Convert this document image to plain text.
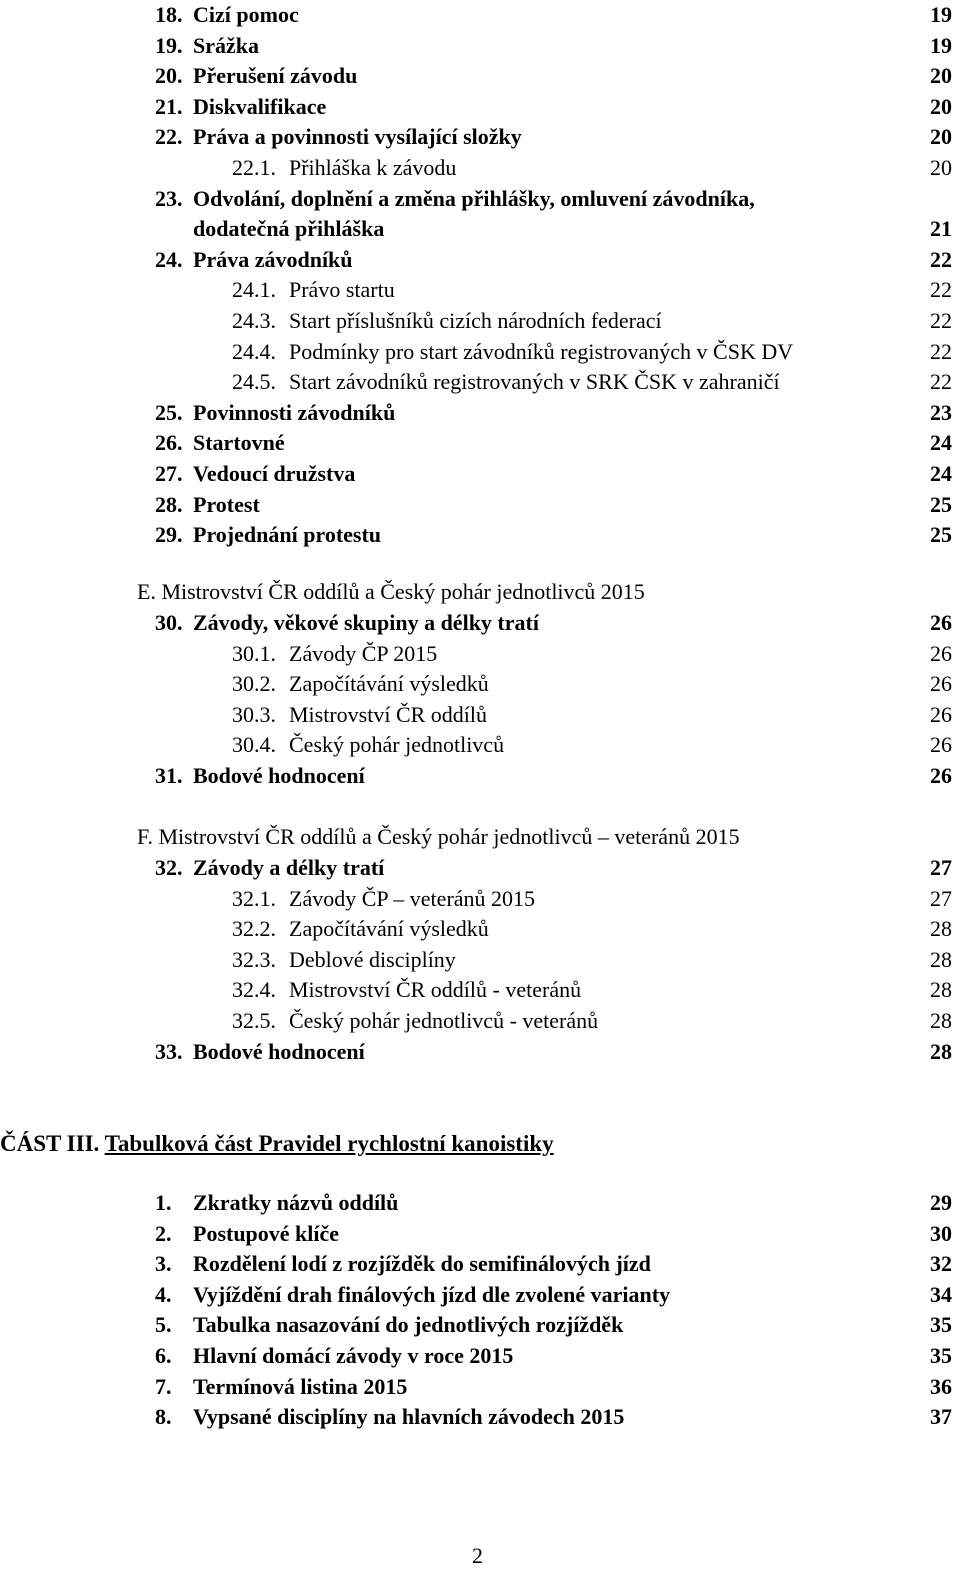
18. Cizí pomoc	19
19. Srážka	19
20. Přerušení závodu	20
21. Diskvalifikace	20
22. Práva a povinnosti vysílající složky	20
22.1. Přihláška k závodu	20
23. Odvolání, doplnění a změna přihlášky, omluvení závodníka,
dodatečná přihláška	21
24. Práva závodníků	22
24.1. Právo startu	22
24.3. Start příslušníků cizích národních federací	22
24.4. Podmínky pro start závodníků registrovaných v ČSK DV	22
24.5. Start závodníků registrovaných v SRK ČSK v zahraničí	22
25. Povinnosti závodníků	23
26. Startovné	24
27. Vedoucí družstva	24
28. Protest	25
29. Projednání protestu	25
E. Mistrovství ČR oddílů a Český pohár jednotlivců 2015
30. Závody, věkové skupiny a délky tratí	26
30.1. Závody ČP 2015	26
30.2. Započítávání výsledků	26
30.3. Mistrovství ČR oddílů	26
30.4. Český pohár jednotlivců	26
31. Bodové hodnocení	26
F. Mistrovství ČR oddílů a Český pohár jednotlivců – veteránů 2015
32. Závody a délky tratí	27
32.1. Závody ČP – veteránů 2015	27
32.2. Započítávání výsledků	28
32.3. Deblové disciplíny	28
32.4. Mistrovství ČR oddílů - veteránů	28
32.5. Český pohár jednotlivců - veteránů	28
33. Bodové hodnocení	28
ČÁST III. Tabulková část Pravidel rychlostní kanoistiky
1. Zkratky názvů oddílů	29
2. Postupové klíče	30
3. Rozdělení lodí z rozjížděk do semifinálových jízd	32
4. Vyjíždění drah finálových jízd dle zvolené varianty	34
5. Tabulka nasazování do jednotlivých rozjížděk	35
6. Hlavní domácí závody v roce 2015	35
7. Termínová listina 2015	36
8. Vypsané disciplíny na hlavních závodech 2015	37
2
